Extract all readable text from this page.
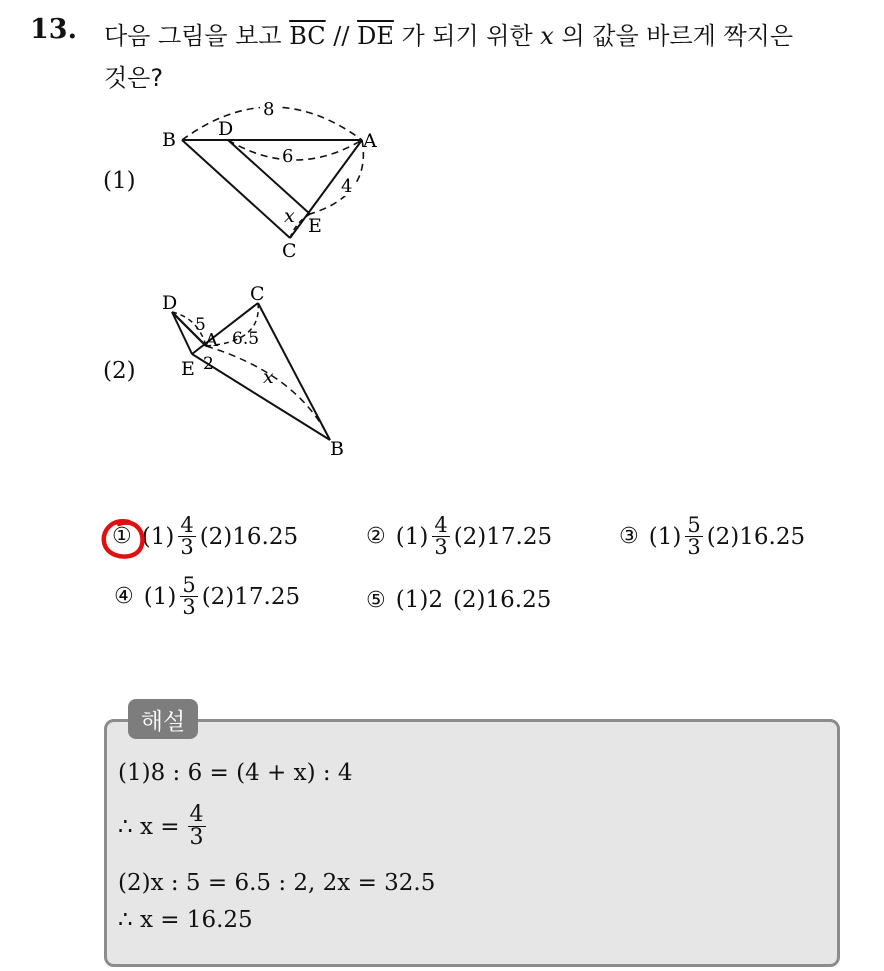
13. 다음 그림을 보고 $\overline{BC} // \overline{DE}$ 가 되기 위한 x 의 값을 바르게 짝지은
것은?
(1)
B D
A
E
C
8
6
4
x
(2)
D
A
E
C
B
5
6.5
2
x
① $(1) \frac{4}{3} (2)16.25$	② $(1) \frac{4}{3} (2)17.25$	③ $(1) \frac{5}{3} (2)16.25$
④ $(1) \frac{5}{3} (2)17.25$	⑤ (1)2 (2)16.25
해설
(1)8 : 6 = (4 + x) : 4
∴ $x = \frac{4}{3}$
(2)x : 5 = 6.5 : 2, 2x = 32.5
∴ x = 16.25
